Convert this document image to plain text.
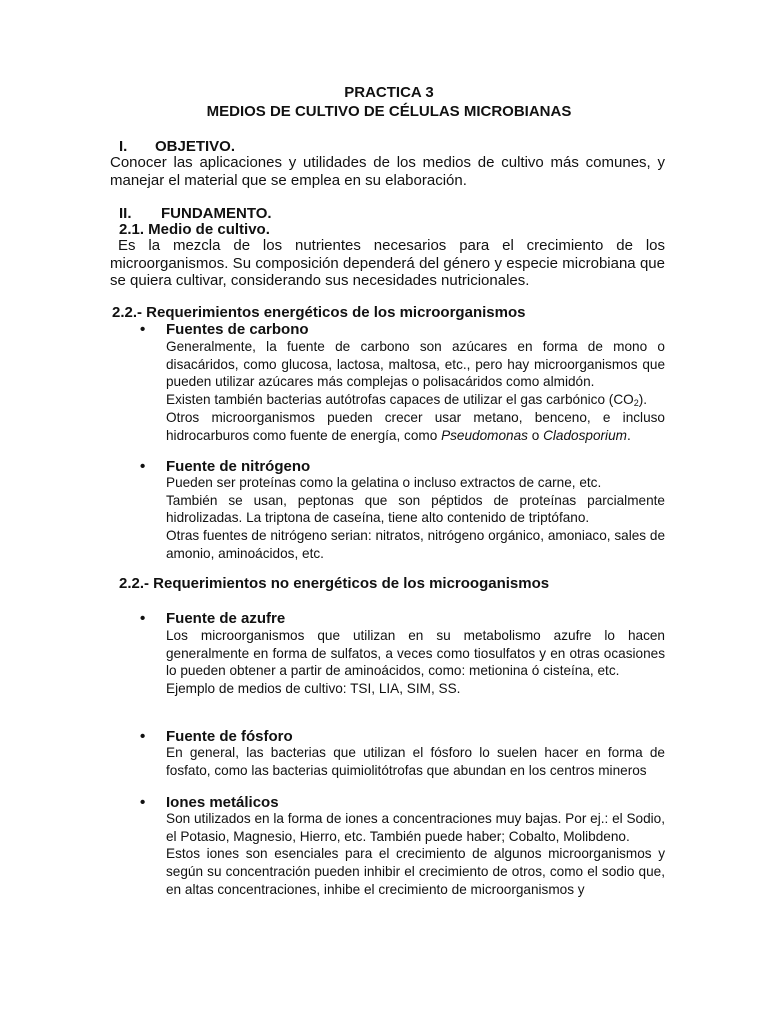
PRACTICA 3
MEDIOS DE CULTIVO DE CÉLULAS MICROBIANAS
I. OBJETIVO.
Conocer las aplicaciones y utilidades de los medios de cultivo más comunes, y manejar el material que se emplea en su elaboración.
II. FUNDAMENTO.
2.1. Medio de cultivo.
Es la mezcla de los nutrientes necesarios para el crecimiento de los microorganismos. Su composición dependerá del género y especie microbiana que se quiera cultivar, considerando sus necesidades nutricionales.
2.2.- Requerimientos energéticos de los microorganismos
• Fuentes de carbono

Generalmente, la fuente de carbono son azúcares en forma de mono o disacáridos, como glucosa, lactosa, maltosa, etc., pero hay microorganismos que pueden utilizar azúcares más complejas o polisacáridos como almidón.

Existen también bacterias autótrofas capaces de utilizar el gas carbónico $(CO_2)$.

Otros microorganismos pueden crecer usar metano, benceno, e incluso hidrocarburos como fuente de energía, como Pseudomonas o Cladosporium.

• Fuente de nitrógeno

Pueden ser proteínas como la gelatina o incluso extractos de carne, etc.

También se usan, peptonas que son péptidos de proteínas parcialmente hidrolizadas. La triptona de caseína, tiene alto contenido de triptófano.

Otras fuentes de nitrógeno serian: nitratos, nitrógeno orgánico, amoniaco, sales de amonio, aminoácidos, etc.

2.2.- Requerimientos no energéticos de los microoganismos
• Fuente de azufre

Los microorganismos que utilizan en su metabolismo azufre lo hacen generalmente en forma de sulfatos, a veces como tiosulfatos y en otras ocasiones lo pueden obtener a partir de aminoácidos, como: metionina ó cisteína, etc.

Ejemplo de medios de cultivo: TSI, LIA, SIM, SS.

• Fuente de fósforo

En general, las bacterias que utilizan el fósforo lo suelen hacer en forma de fosfato, como las bacterias quimiolitótrofas que abundan en los centros mineros

• Iones metálicos

Son utilizados en la forma de iones a concentraciones muy bajas. Por ej.: el Sodio, el Potasio, Magnesio, Hierro, etc. También puede haber; Cobalto, Molibdeno.

Estos iones son esenciales para el crecimiento de algunos microorganismos y según su concentración pueden inhibir el crecimiento de otros, como el sodio que, en altas concentraciones, inhibe el crecimiento de microorganismos y
